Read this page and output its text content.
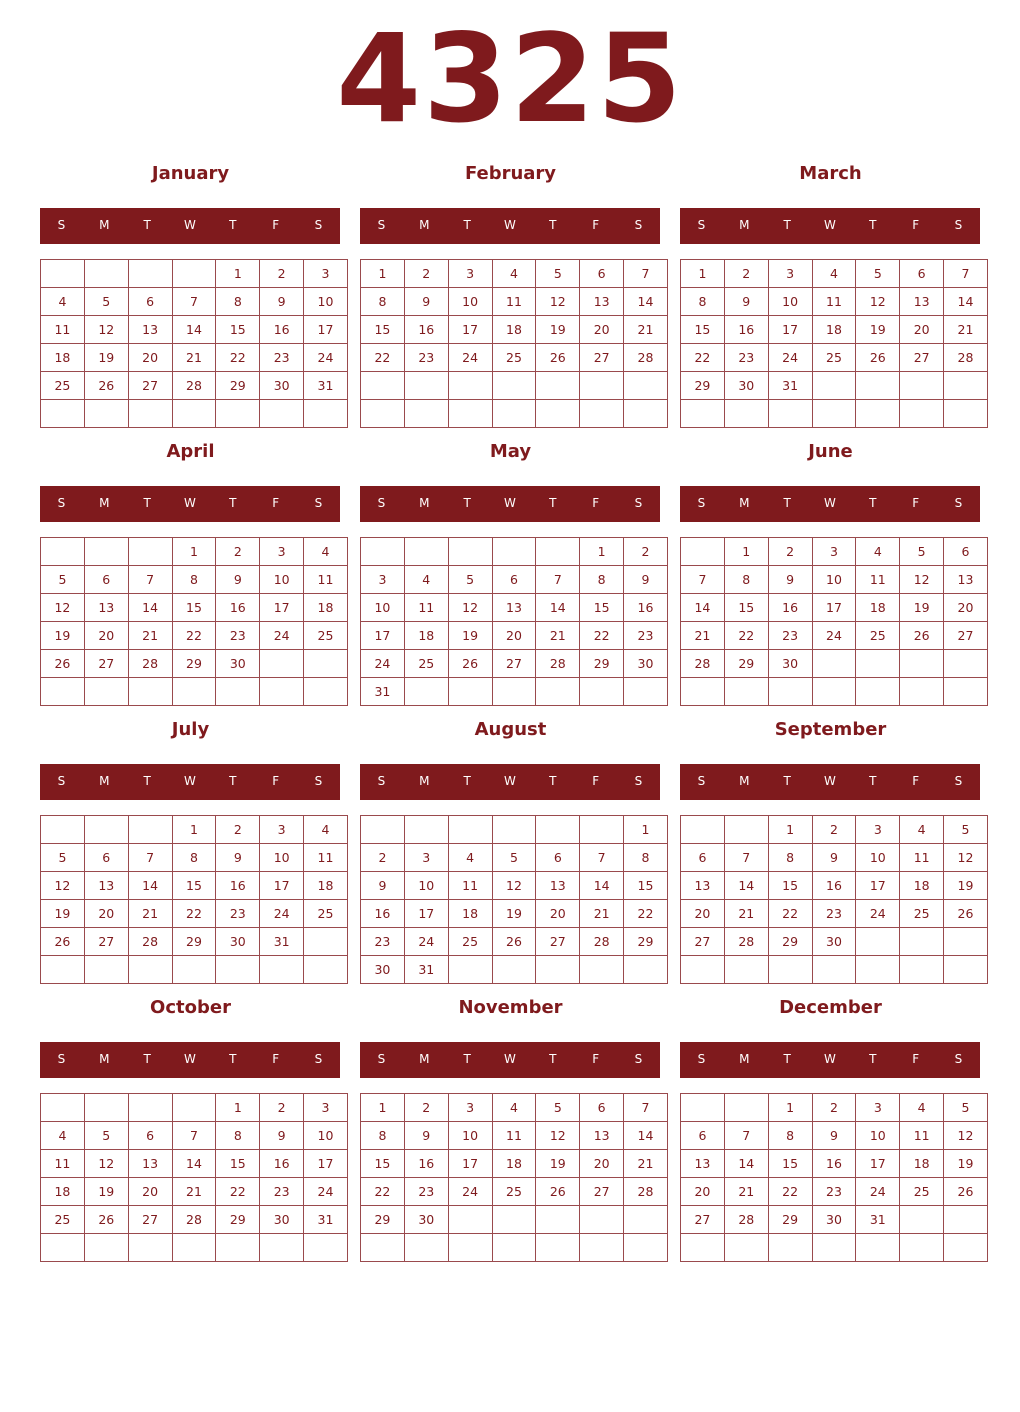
4325
January
S	M	T	W	T	F	S
				1	2	3
4	5	6	7	8	9	10
11	12	13	14	15	16	17
18	19	20	21	22	23	24
25	26	27	28	29	30	31

February
S	M	T	W	T	F	S
1	2	3	4	5	6	7
8	9	10	11	12	13	14
15	16	17	18	19	20	21
22	23	24	25	26	27	28

March
S	M	T	W	T	F	S
1	2	3	4	5	6	7
8	9	10	11	12	13	14
15	16	17	18	19	20	21
22	23	24	25	26	27	28
29	30	31				

April
S	M	T	W	T	F	S
			1	2	3	4
5	6	7	8	9	10	11
12	13	14	15	16	17	18
19	20	21	22	23	24	25
26	27	28	29	30		

May
S	M	T	W	T	F	S
					1	2
3	4	5	6	7	8	9
10	11	12	13	14	15	16
17	18	19	20	21	22	23
24	25	26	27	28	29	30
31						
June
S	M	T	W	T	F	S
	1	2	3	4	5	6
7	8	9	10	11	12	13
14	15	16	17	18	19	20
21	22	23	24	25	26	27
28	29	30				

July
S	M	T	W	T	F	S
			1	2	3	4
5	6	7	8	9	10	11
12	13	14	15	16	17	18
19	20	21	22	23	24	25
26	27	28	29	30	31	

August
S	M	T	W	T	F	S
						1
2	3	4	5	6	7	8
9	10	11	12	13	14	15
16	17	18	19	20	21	22
23	24	25	26	27	28	29
30	31					
September
S	M	T	W	T	F	S
		1	2	3	4	5
6	7	8	9	10	11	12
13	14	15	16	17	18	19
20	21	22	23	24	25	26
27	28	29	30			

October
S	M	T	W	T	F	S
				1	2	3
4	5	6	7	8	9	10
11	12	13	14	15	16	17
18	19	20	21	22	23	24
25	26	27	28	29	30	31

November
S	M	T	W	T	F	S
1	2	3	4	5	6	7
8	9	10	11	12	13	14
15	16	17	18	19	20	21
22	23	24	25	26	27	28
29	30					

December
S	M	T	W	T	F	S
		1	2	3	4	5
6	7	8	9	10	11	12
13	14	15	16	17	18	19
20	21	22	23	24	25	26
27	28	29	30	31		
